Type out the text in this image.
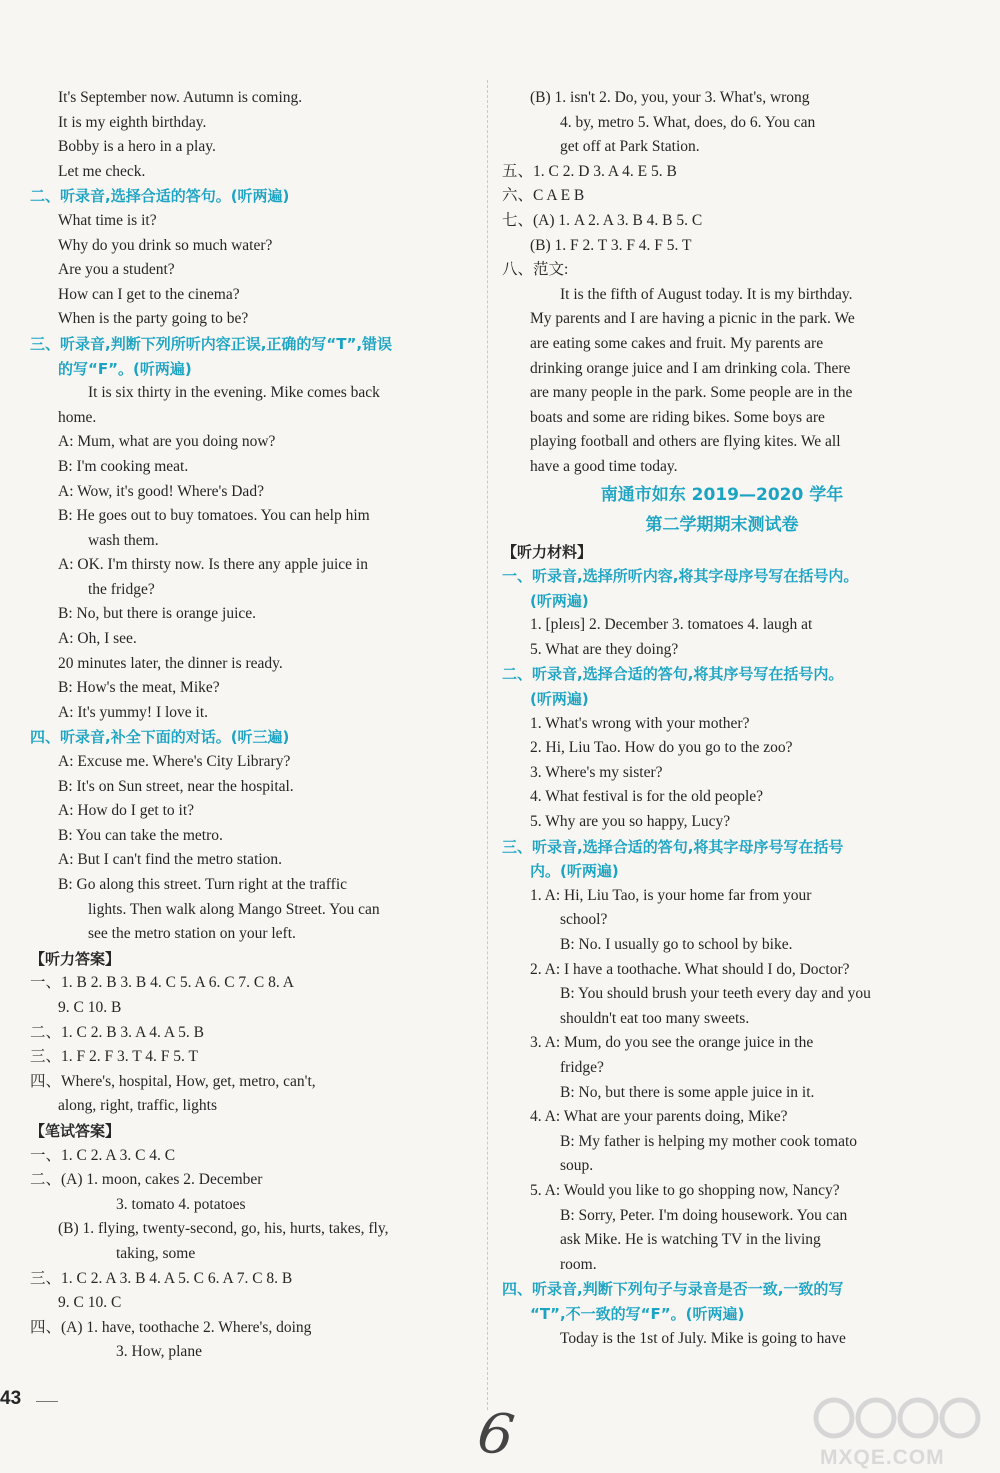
It's September now. Autumn is coming.
It is my eighth birthday.
Bobby is a hero in a play.
Let me check.
二、听录音,选择合适的答句。(听两遍)
What time is it?
Why do you drink so much water?
Are you a student?
How can I get to the cinema?
When is the party going to be?
三、听录音,判断下列所听内容正误,正确的写“T”,错误
的写“F”。(听两遍)
It is six thirty in the evening. Mike comes back
home.
A: Mum, what are you doing now?
B: I'm cooking meat.
A: Wow, it's good! Where's Dad?
B: He goes out to buy tomatoes. You can help him
wash them.
A: OK. I'm thirsty now. Is there any apple juice in
the fridge?
B: No, but there is orange juice.
A: Oh, I see.
20 minutes later, the dinner is ready.
B: How's the meat, Mike?
A: It's yummy! I love it.
四、听录音,补全下面的对话。(听三遍)
A: Excuse me. Where's City Library?
B: It's on Sun street, near the hospital.
A: How do I get to it?
B: You can take the metro.
A: But I can't find the metro station.
B: Go along this street. Turn right at the traffic
lights. Then walk along Mango Street. You can
see the metro station on your left.
【听力答案】
一、1. B 2. B 3. B 4. C 5. A 6. C 7. C 8. A
9. C 10. B
二、1. C 2. B 3. A 4. A 5. B
三、1. F 2. F 3. T 4. F 5. T
四、Where's, hospital, How, get, metro, can't,
along, right, traffic, lights
【笔试答案】
一、1. C 2. A 3. C 4. C
二、(A) 1. moon, cakes 2. December
3. tomato 4. potatoes
(B) 1. flying, twenty-second, go, his, hurts, takes, fly,
taking, some
三、1. C 2. A 3. B 4. A 5. C 6. A 7. C 8. B
9. C 10. C
四、(A) 1. have, toothache 2. Where's, doing
3. How, plane
(B) 1. isn't 2. Do, you, your 3. What's, wrong
4. by, metro 5. What, does, do 6. You can
get off at Park Station.
五、1. C 2. D 3. A 4. E 5. B
六、C A E B
七、(A) 1. A 2. A 3. B 4. B 5. C
(B) 1. F 2. T 3. F 4. F 5. T
八、范文:
It is the fifth of August today. It is my birthday.
My parents and I are having a picnic in the park. We
are eating some cakes and fruit. My parents are
drinking orange juice and I am drinking cola. There
are many people in the park. Some people are in the
boats and some are riding bikes. Some boys are
playing football and others are flying kites. We all
have a good time today.
南通市如东 2019—2020 学年
第二学期期末测试卷
【听力材料】
一、听录音,选择所听内容,将其字母序号写在括号内。
(听两遍)
1. [pleɪs] 2. December 3. tomatoes 4. laugh at
5. What are they doing?
二、听录音,选择合适的答句,将其序号写在括号内。
(听两遍)
1. What's wrong with your mother?
2. Hi, Liu Tao. How do you go to the zoo?
3. Where's my sister?
4. What festival is for the old people?
5. Why are you so happy, Lucy?
三、听录音,选择合适的答句,将其字母序号写在括号
内。(听两遍)
1. A: Hi, Liu Tao, is your home far from your
school?
B: No. I usually go to school by bike.
2. A: I have a toothache. What should I do, Doctor?
B: You should brush your teeth every day and you
shouldn't eat too many sweets.
3. A: Mum, do you see the orange juice in the
fridge?
B: No, but there is some apple juice in it.
4. A: What are your parents doing, Mike?
B: My father is helping my mother cook tomato
soup.
5. A: Would you like to go shopping now, Nancy?
B: Sorry, Peter. I'm doing housework. You can
ask Mike. He is watching TV in the living
room.
四、听录音,判断下列句子与录音是否一致,一致的写
“T”,不一致的写“F”。(听两遍)
Today is the 1st of July. Mike is going to have
43
6	MXQE.COM
